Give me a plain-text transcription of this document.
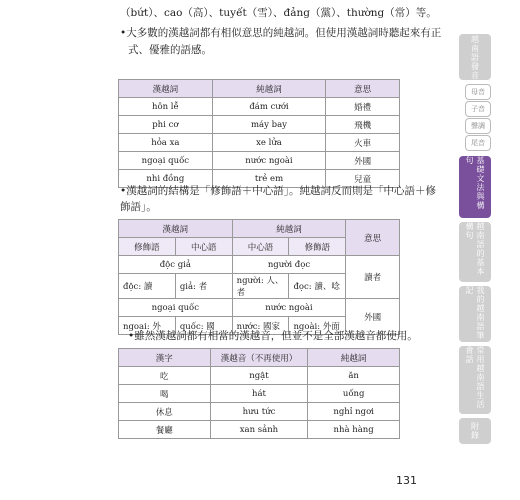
（bứt）、cao（高）、tuyết（雪）、đảng（黨）、thường（常）等。
•大多數的漢越詞都有相似意思的純越詞。但使用漢越詞時聽起來有正
式、優雅的語感。
漢越詞	純越詞	意思
hôn lễ	đám cưới	婚禮
phi cơ	máy bay	飛機
hỏa xa	xe lửa	火車
ngoại quốc	nước ngoài	外國
nhi đồng	trẻ em	兒童
•漢越詞的結構是「修飾語＋中心語」。純越詞反而則是「中心語＋修
飾語」。
漢越詞		純越詞		意思
修飾語	中心語	中心語	修飾語	
độc giả		người đọc		讀者
độc: 讀	giả: 者	người: 人、者	đọc: 讀、唸	
ngoại quốc		nước ngoài		外國
ngoại: 外	quốc: 國	nước: 國家	ngoài: 外面	
•雖然漢越詞都有相當的漢越音，但並不是全部漢越音都使用。
漢字	漢越音（不再使用）	純越詞
吃	ngật	ăn
喝	hát	uống
休息	hưu tức	nghỉ ngơi
餐廳	xan sảnh	nhà hàng
131
越南語發音
母音
子音
聲調
尾音
基礎文法與構句
越南語的基本構句
我的越南語筆記
常用越南語生活會話
附錄
